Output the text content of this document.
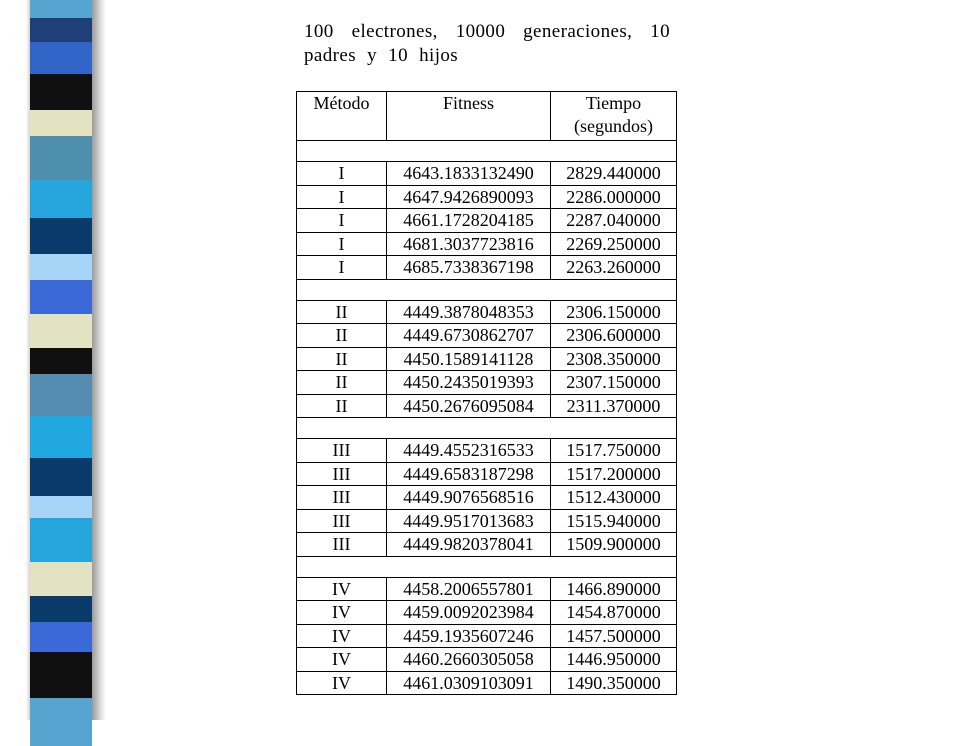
100 electrones, 10000 generaciones, 10 padres y 10 hijos
Método	Fitness	Tiempo
(segundos)

I	4643.1833132490	2829.440000
I	4647.9426890093	2286.000000
I	4661.1728204185	2287.040000
I	4681.3037723816	2269.250000
I	4685.7338367198	2263.260000

II	4449.3878048353	2306.150000
II	4449.6730862707	2306.600000
II	4450.1589141128	2308.350000
II	4450.2435019393	2307.150000
II	4450.2676095084	2311.370000

III	4449.4552316533	1517.750000
III	4449.6583187298	1517.200000
III	4449.9076568516	1512.430000
III	4449.9517013683	1515.940000
III	4449.9820378041	1509.900000

IV	4458.2006557801	1466.890000
IV	4459.0092023984	1454.870000
IV	4459.1935607246	1457.500000
IV	4460.2660305058	1446.950000
IV	4461.0309103091	1490.350000
